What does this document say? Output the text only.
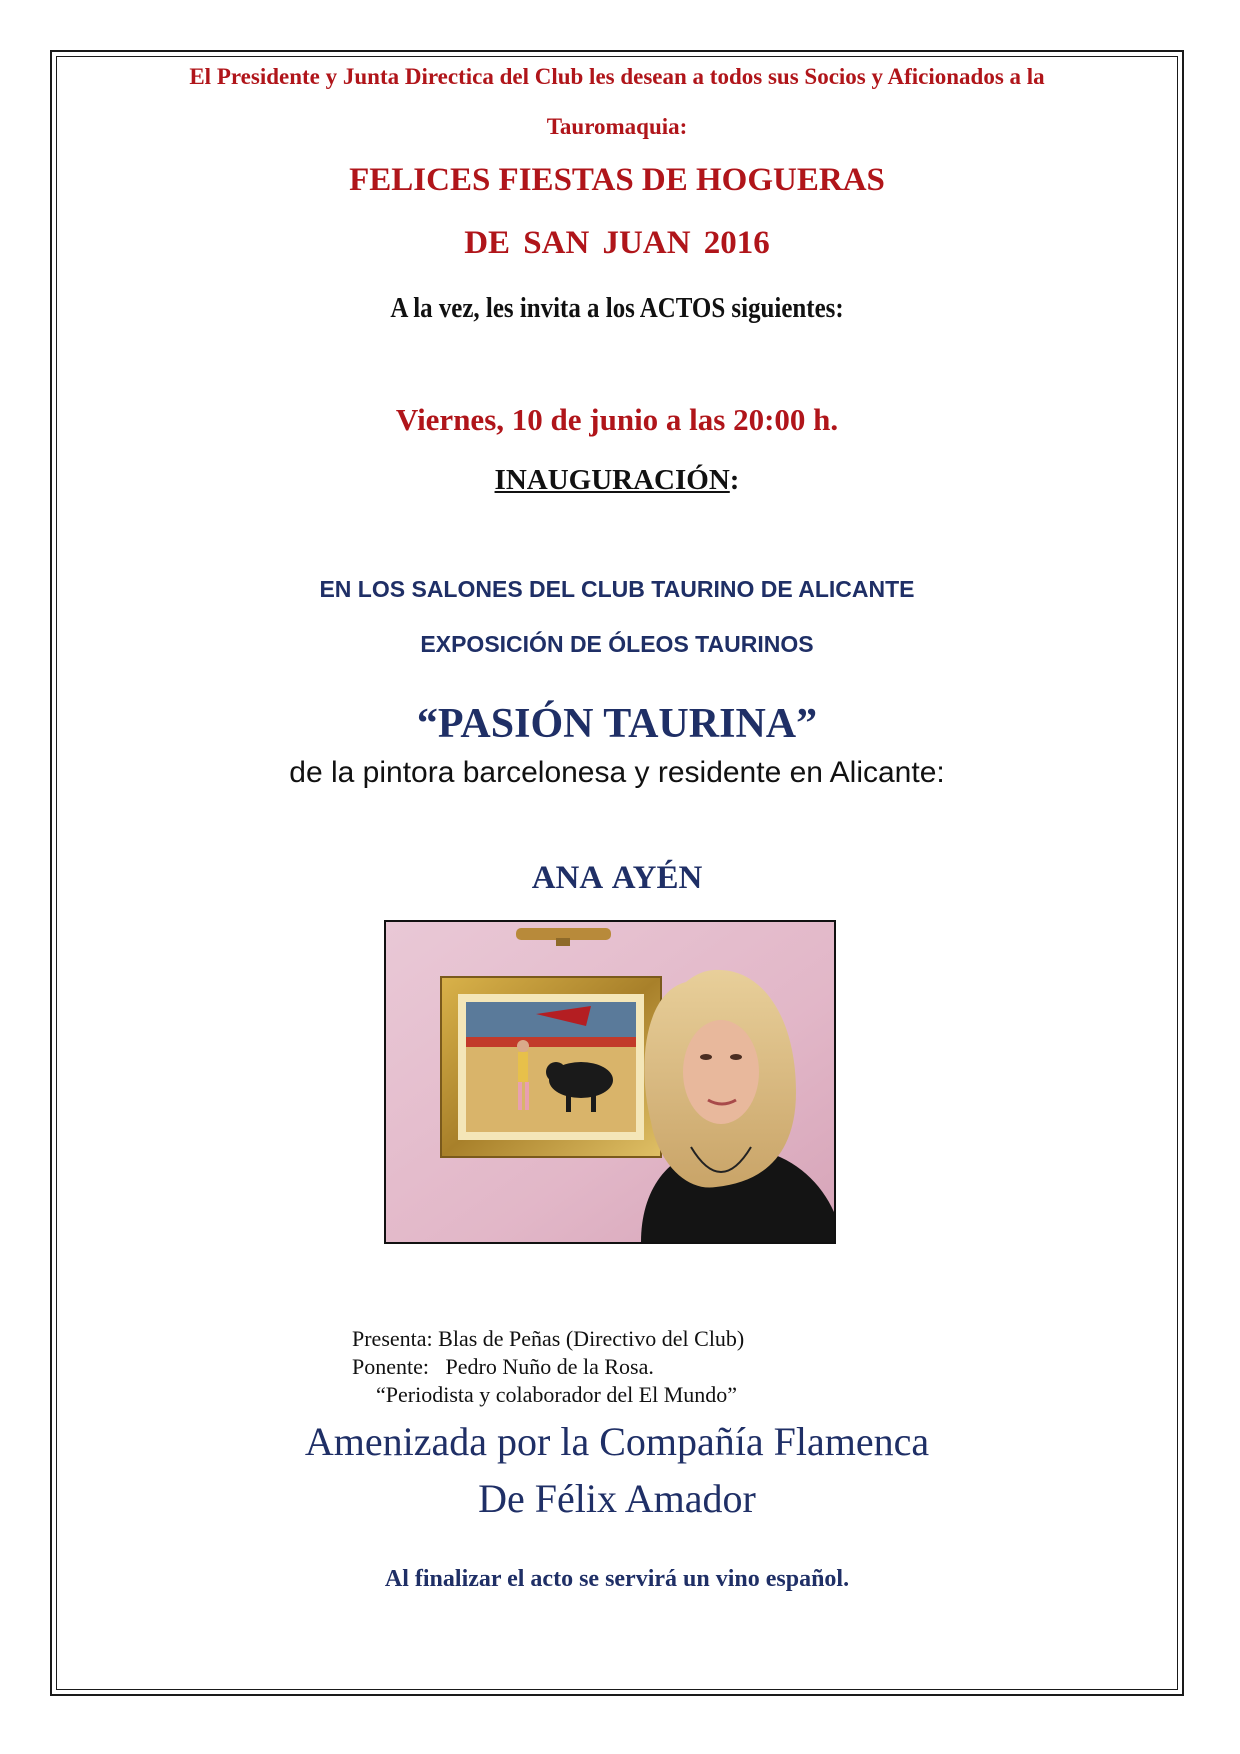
El Presidente y Junta Directica del Club les desean a todos sus Socios y Aficionados a la
Tauromaquia:
FELICES FIESTAS DE HOGUERAS
DE SAN JUAN 2016
A la vez, les invita a los ACTOS siguientes:
Viernes, 10 de junio a las 20:00 h.
INAUGURACIÓN:
EN LOS SALONES DEL CLUB TAURINO DE ALICANTE
EXPOSICIÓN DE ÓLEOS TAURINOS
“PASIÓN TAURINA”
de la pintora barcelonesa y residente en Alicante:
ANA AYÉN
Presenta: Blas de Peñas (Directivo del Club)
Ponente: Pedro Nuño de la Rosa.
“Periodista y colaborador del El Mundo”
Amenizada por la Compañía Flamenca
De Félix Amador
Al finalizar el acto se servirá un vino español.
